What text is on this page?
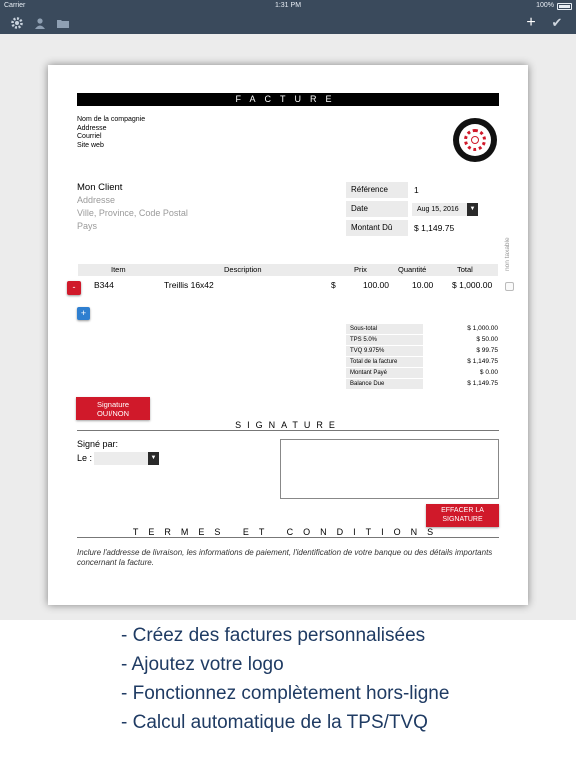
Carrier	1:31 PM	100%
+ ✔
FACTURE
Nom de la compagnie
Addresse
Courriel
Site web
Mon Client
Addresse
Ville, Province, Code Postal
Pays
Référence	1
Date	Aug 15, 2016	▼
Montant Dû	$ 1,149.75
non taxable
Item	Description	Prix	Quantité	Total
-	B344	Treillis 16x42	$	100.00	10.00 $ 1,000.00
+
Sous-total	$ 1,000.00
TPS 5.0%	$ 50.00
TVQ 9.975%	$ 99.75
Total de la facture	$ 1,149.75
Montant Payé	$ 0.00
Balance Due	$ 1,149.75
Signature
OUI/NON
SIGNATURE
Signé par:
Le :	▼
EFFACER LA
SIGNATURE
TERMES ET CONDITIONS
Inclure l'addresse de livraison, les informations de paiement, l'identification de votre banque ou des détails importants concernant la facture.
- Créez des factures personnalisées
- Ajoutez votre logo
- Fonctionnez complètement hors-ligne
- Calcul automatique de la TPS/TVQ
